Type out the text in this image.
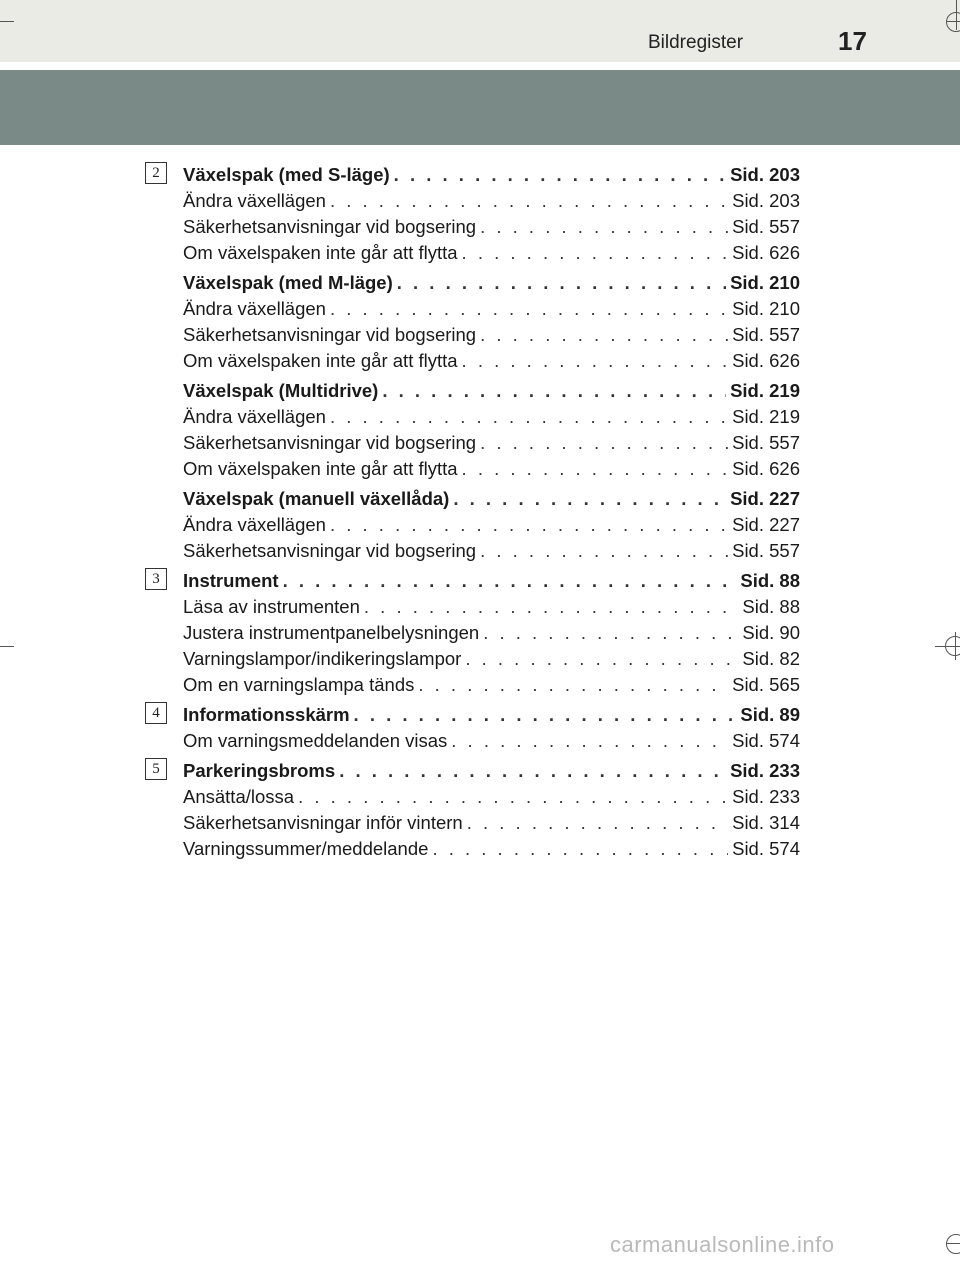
Bildregister	17
2	Växelspak (med S-läge) . . .	Sid. 203
Ändra växellägen . . .	Sid. 203
Säkerhetsanvisningar vid bogsering . . .	Sid. 557
Om växelspaken inte går att flytta . . .	Sid. 626
Växelspak (med M-läge) . . .	Sid. 210
Ändra växellägen . . .	Sid. 210
Säkerhetsanvisningar vid bogsering . . .	Sid. 557
Om växelspaken inte går att flytta . . .	Sid. 626
Växelspak (Multidrive) . . .	Sid. 219
Ändra växellägen . . .	Sid. 219
Säkerhetsanvisningar vid bogsering . . .	Sid. 557
Om växelspaken inte går att flytta . . .	Sid. 626
Växelspak (manuell växellåda) . . .	Sid. 227
Ändra växellägen . . .	Sid. 227
Säkerhetsanvisningar vid bogsering . . .	Sid. 557
3	Instrument . . .	Sid. 88
Läsa av instrumenten . . .	Sid. 88
Justera instrumentpanelbelysningen . . .	Sid. 90
Varningslampor/indikeringslampor . . .	Sid. 82
Om en varningslampa tänds . . .	Sid. 565
4	Informationsskärm . . .	Sid. 89
Om varningsmeddelanden visas . . .	Sid. 574
5	Parkeringsbroms . . .	Sid. 233
Ansätta/lossa . . .	Sid. 233
Säkerhetsanvisningar inför vintern . . .	Sid. 314
Varningssummer/meddelande . . .	Sid. 574
carmanualsonline.info
